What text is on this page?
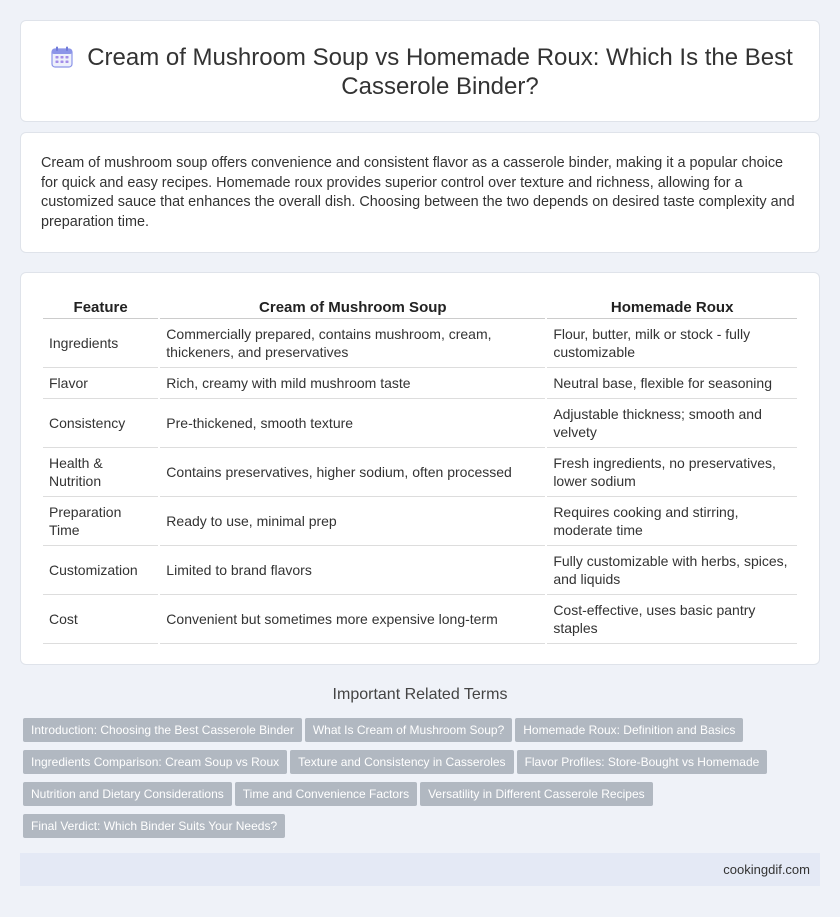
Cream of Mushroom Soup vs Homemade Roux: Which Is the Best Casserole Binder?

Cream of mushroom soup offers convenience and consistent flavor as a casserole binder, making it a popular choice for quick and easy recipes. Homemade roux provides superior control over texture and richness, allowing for a customized sauce that enhances the overall dish. Choosing between the two depends on desired taste complexity and preparation time.

Feature	Cream of Mushroom Soup	Homemade Roux
Ingredients	Commercially prepared, contains mushroom, cream, thickeners, and preservatives	Flour, butter, milk or stock - fully customizable
Flavor	Rich, creamy with mild mushroom taste	Neutral base, flexible for seasoning
Consistency	Pre-thickened, smooth texture	Adjustable thickness; smooth and velvety
Health & Nutrition	Contains preservatives, higher sodium, often processed	Fresh ingredients, no preservatives, lower sodium
Preparation Time	Ready to use, minimal prep	Requires cooking and stirring, moderate time
Customization	Limited to brand flavors	Fully customizable with herbs, spices, and liquids
Cost	Convenient but sometimes more expensive long-term	Cost-effective, uses basic pantry staples
Important Related Terms
Introduction: Choosing the Best Casserole Binder What Is Cream of Mushroom Soup? Homemade Roux: Definition and Basics
Ingredients Comparison: Cream Soup vs Roux Texture and Consistency in Casseroles Flavor Profiles: Store-Bought vs Homemade
Nutrition and Dietary Considerations Time and Convenience Factors Versatility in Different Casserole Recipes
Final Verdict: Which Binder Suits Your Needs?
cookingdif.com
